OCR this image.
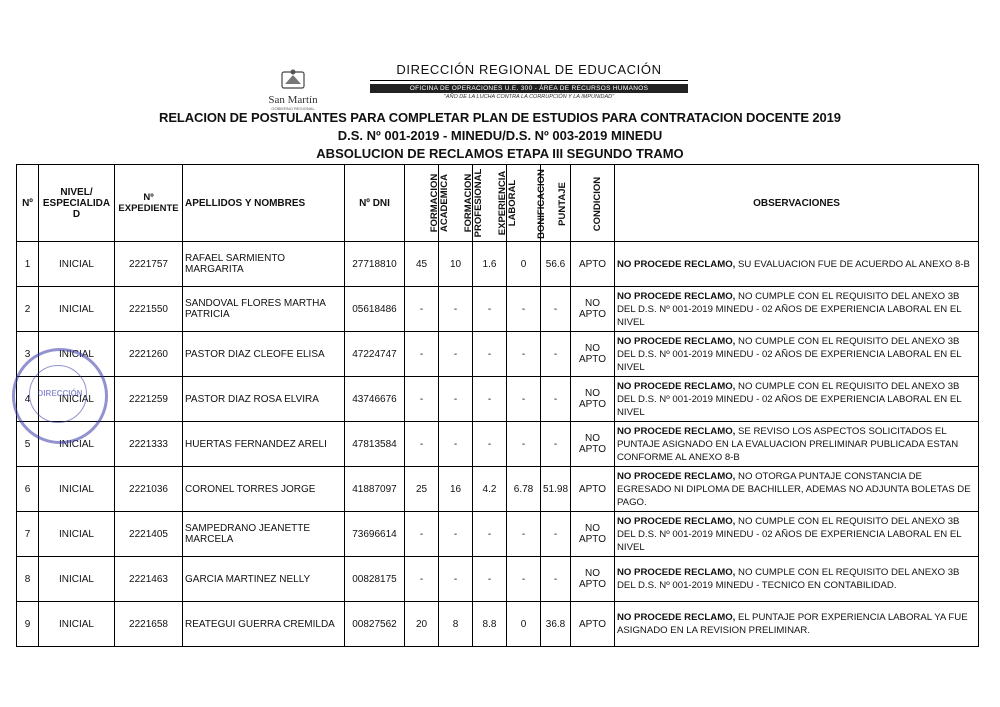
San Martín
GOBIERNO REGIONAL
DIRECCIÓN REGIONAL DE EDUCACIÓN
OFICINA DE OPERACIONES U.E. 300 - ÁREA DE RECURSOS HUMANOS
"AÑO DE LA LUCHA CONTRA LA CORRUPCIÓN Y LA IMPUNIDAD"
RELACION DE POSTULANTES PARA COMPLETAR PLAN DE ESTUDIOS PARA CONTRATACION DOCENTE 2019
D.S. Nº 001-2019 - MINEDU/D.S. Nº 003-2019 MINEDU
ABSOLUCION DE RECLAMOS ETAPA III SEGUNDO TRAMO
Nº	NIVEL/ ESPECIALIDA D	Nº EXPEDIENTE	APELLIDOS Y NOMBRES	Nº DNI	FORMACION ACADEMICA	FORMACION PROFESIONAL	EXPERIENCIA LABORAL	BONIFICACION	PUNTAJE	CONDICION	OBSERVACIONES
1	INICIAL	2221757	RAFAEL SARMIENTO MARGARITA	27718810	45	10	1.6	0	56.6	APTO	NO PROCEDE RECLAMO, SU EVALUACION FUE DE ACUERDO AL ANEXO 8-B
2	INICIAL	2221550	SANDOVAL FLORES MARTHA PATRICIA	05618486	-	-	-	-	-	NO APTO	NO PROCEDE RECLAMO, NO CUMPLE CON EL REQUISITO DEL ANEXO 3B DEL D.S. Nº 001-2019 MINEDU - 02 AÑOS DE EXPERIENCIA LABORAL EN EL NIVEL
3	INICIAL	2221260	PASTOR DIAZ CLEOFE ELISA	47224747	-	-	-	-	-	NO APTO	NO PROCEDE RECLAMO, NO CUMPLE CON EL REQUISITO DEL ANEXO 3B DEL D.S. Nº 001-2019 MINEDU - 02 AÑOS DE EXPERIENCIA LABORAL EN EL NIVEL
4	INICIAL	2221259	PASTOR DIAZ ROSA ELVIRA	43746676	-	-	-	-	-	NO APTO	NO PROCEDE RECLAMO, NO CUMPLE CON EL REQUISITO DEL ANEXO 3B DEL D.S. Nº 001-2019 MINEDU - 02 AÑOS DE EXPERIENCIA LABORAL EN EL NIVEL
5	INICIAL	2221333	HUERTAS FERNANDEZ ARELI	47813584	-	-	-	-	-	NO APTO	NO PROCEDE RECLAMO, SE REVISO LOS ASPECTOS SOLICITADOS EL PUNTAJE ASIGNADO EN LA EVALUACION PRELIMINAR PUBLICADA ESTAN CONFORME AL ANEXO 8-B
6	INICIAL	2221036	CORONEL TORRES JORGE	41887097	25	16	4.2	6.78	51.98	APTO	NO PROCEDE RECLAMO, NO OTORGA PUNTAJE CONSTANCIA DE EGRESADO NI DIPLOMA DE BACHILLER, ADEMAS NO ADJUNTA BOLETAS DE PAGO.
7	INICIAL	2221405	SAMPEDRANO JEANETTE MARCELA	73696614	-	-	-	-	-	NO APTO	NO PROCEDE RECLAMO, NO CUMPLE CON EL REQUISITO DEL ANEXO 3B DEL D.S. Nº 001-2019 MINEDU - 02 AÑOS DE EXPERIENCIA LABORAL EN EL NIVEL
8	INICIAL	2221463	GARCIA MARTINEZ NELLY	00828175	-	-	-	-	-	NO APTO	NO PROCEDE RECLAMO, NO CUMPLE CON EL REQUISITO DEL ANEXO 3B DEL D.S. Nº 001-2019 MINEDU - TECNICO EN CONTABILIDAD.
9	INICIAL	2221658	REATEGUI GUERRA CREMILDA	00827562	20	8	8.8	0	36.8	APTO	NO PROCEDE RECLAMO, EL PUNTAJE POR EXPERIENCIA LABORAL YA FUE ASIGNADO EN LA REVISION PRELIMINAR.
DIRECCIÓN
